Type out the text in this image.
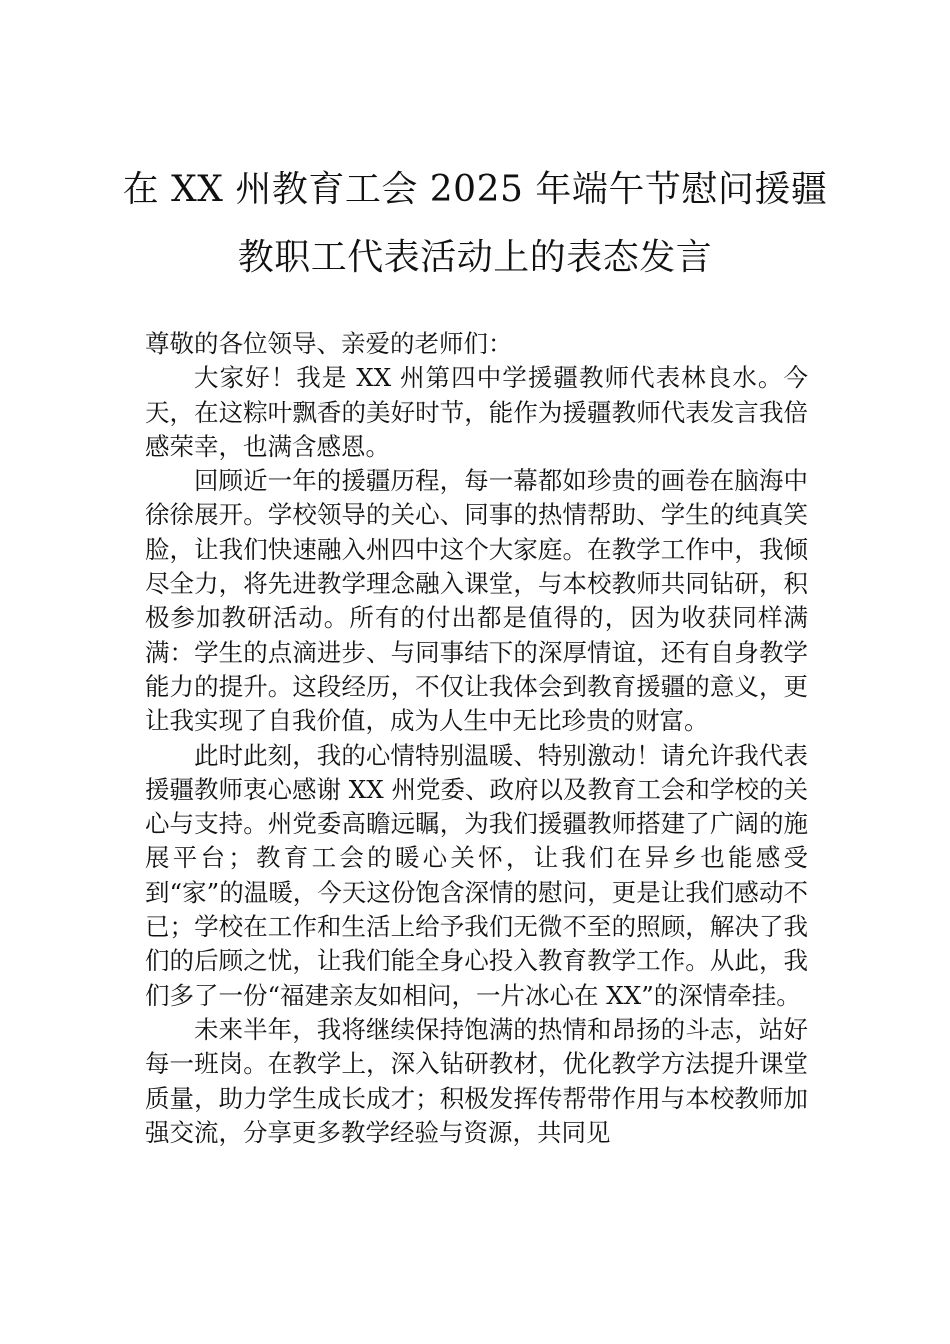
在 XX 州教育工会 2025 年端午节慰问援疆
教职工代表活动上的表态发言

尊敬的各位领导、亲爱的老师们：

大家好！我是 XX 州第四中学援疆教师代表林良水。今天，在这粽叶飘香的美好时节，能作为援疆教师代表发言我倍感荣幸，也满含感恩。

回顾近一年的援疆历程，每一幕都如珍贵的画卷在脑海中徐徐展开。学校领导的关心、同事的热情帮助、学生的纯真笑脸，让我们快速融入州四中这个大家庭。在教学工作中，我倾尽全力，将先进教学理念融入课堂，与本校教师共同钻研，积极参加教研活动。所有的付出都是值得的，因为收获同样满满：学生的点滴进步、与同事结下的深厚情谊，还有自身教学能力的提升。这段经历，不仅让我体会到教育援疆的意义，更让我实现了自我价值，成为人生中无比珍贵的财富。

此时此刻，我的心情特别温暖、特别激动！请允许我代表援疆教师衷心感谢 XX 州党委、政府以及教育工会和学校的关心与支持。州党委高瞻远瞩，为我们援疆教师搭建了广阔的施展平台；教育工会的暖心关怀，让我们在异乡也能感受到“家”的温暖，今天这份饱含深情的慰问，更是让我们感动不已；学校在工作和生活上给予我们无微不至的照顾，解决了我们的后顾之忧，让我们能全身心投入教育教学工作。从此，我们多了一份“福建亲友如相问，一片冰心在 XX”的深情牵挂。

未来半年，我将继续保持饱满的热情和昂扬的斗志，站好每一班岗。在教学上，深入钻研教材，优化教学方法提升课堂质量，助力学生成长成才；积极发挥传帮带作用与本校教师加强交流，分享更多教学经验与资源，共同见
